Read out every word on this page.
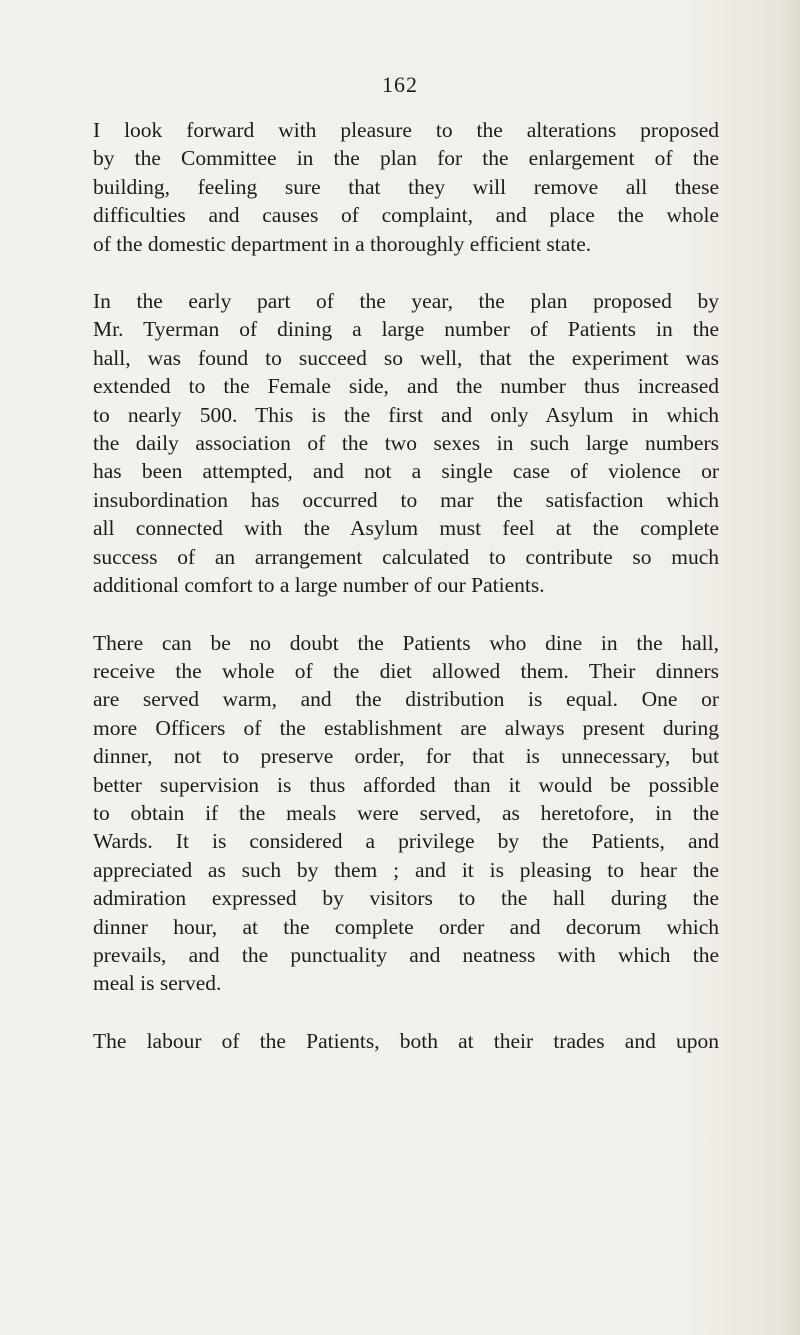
162

I look forward with pleasure to the alterations proposed
by the Committee in the plan for the enlargement of the
building, feeling sure that they will remove all these
difficulties and causes of complaint, and place the whole
of the domestic department in a thoroughly efficient state.

In the early part of the year, the plan proposed by
Mr. Tyerman of dining a large number of Patients in the
hall, was found to succeed so well, that the experiment was
extended to the Female side, and the number thus increased
to nearly 500. This is the first and only Asylum in which
the daily association of the two sexes in such large numbers
has been attempted, and not a single case of violence or
insubordination has occurred to mar the satisfaction which
all connected with the Asylum must feel at the complete
success of an arrangement calculated to contribute so much
additional comfort to a large number of our Patients.

There can be no doubt the Patients who dine in the hall,
receive the whole of the diet allowed them. Their dinners
are served warm, and the distribution is equal. One or
more Officers of the establishment are always present during
dinner, not to preserve order, for that is unnecessary, but
better supervision is thus afforded than it would be possible
to obtain if the meals were served, as heretofore, in the
Wards. It is considered a privilege by the Patients, and
appreciated as such by them ; and it is pleasing to hear the
admiration expressed by visitors to the hall during the
dinner hour, at the complete order and decorum which
prevails, and the punctuality and neatness with which the
meal is served.

The labour of the Patients, both at their trades and upon
